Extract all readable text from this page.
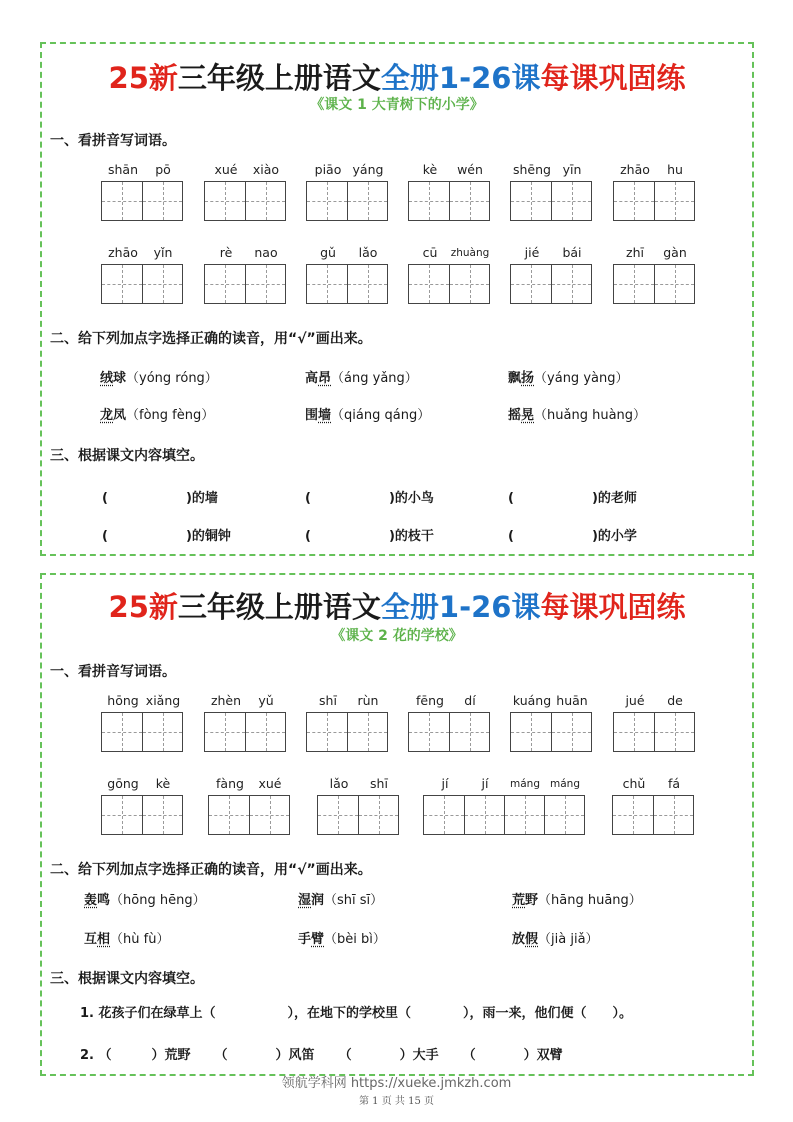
25新三年级上册语文全册1-26课每课巩固练
《课文 1 大青树下的小学》
一、看拼音写词语。
shān	pō	xué	xiào	piāo yáng	kè	wén	shēng yīn	zhāo	hu
zhāo	yǐn	rè	nao	gǔ	lǎo	cū	zhuàng	jié	bái	zhī	gàn
二、给下列加点字选择正确的读音，用“√”画出来。
绒球（yóng róng）	高昂（áng yǎng）	飘扬（yáng yàng）
龙凤（fòng fèng）	围墙（qiáng qáng）	摇晃（huǎng huàng）
三、根据课文内容填空。
(	)的墙	(	)的小鸟	(	)的老师
(	)的铜钟	(	)的枝干	(	)的小学
25新三年级上册语文全册1-26课每课巩固练
《课文 2 花的学校》
一、看拼音写词语。
hōng xiǎng	zhèn	yǔ	shī	rùn	fēng	dí	kuáng huān	jué	de
gōng	kè	fàng	xué	lǎo	shī	jí	jí	máng máng	chǔ	fá
二、给下列加点字选择正确的读音，用“√”画出来。
轰鸣（hōng hēng）	湿润（shī sī）	荒野（hāng huāng）
互相（hù fù）	手臂（bèi bì）	放假（jià jiǎ）
三、根据课文内容填空。
1. 花孩子们在绿草上（	），在地下的学校里（	），雨一来，他们便（ ）。
2. （	）荒野 （	）风笛 （	）大手 （	）双臂
领航学科网 https://xueke.jmkzh.com
第 1 页 共 15 页
